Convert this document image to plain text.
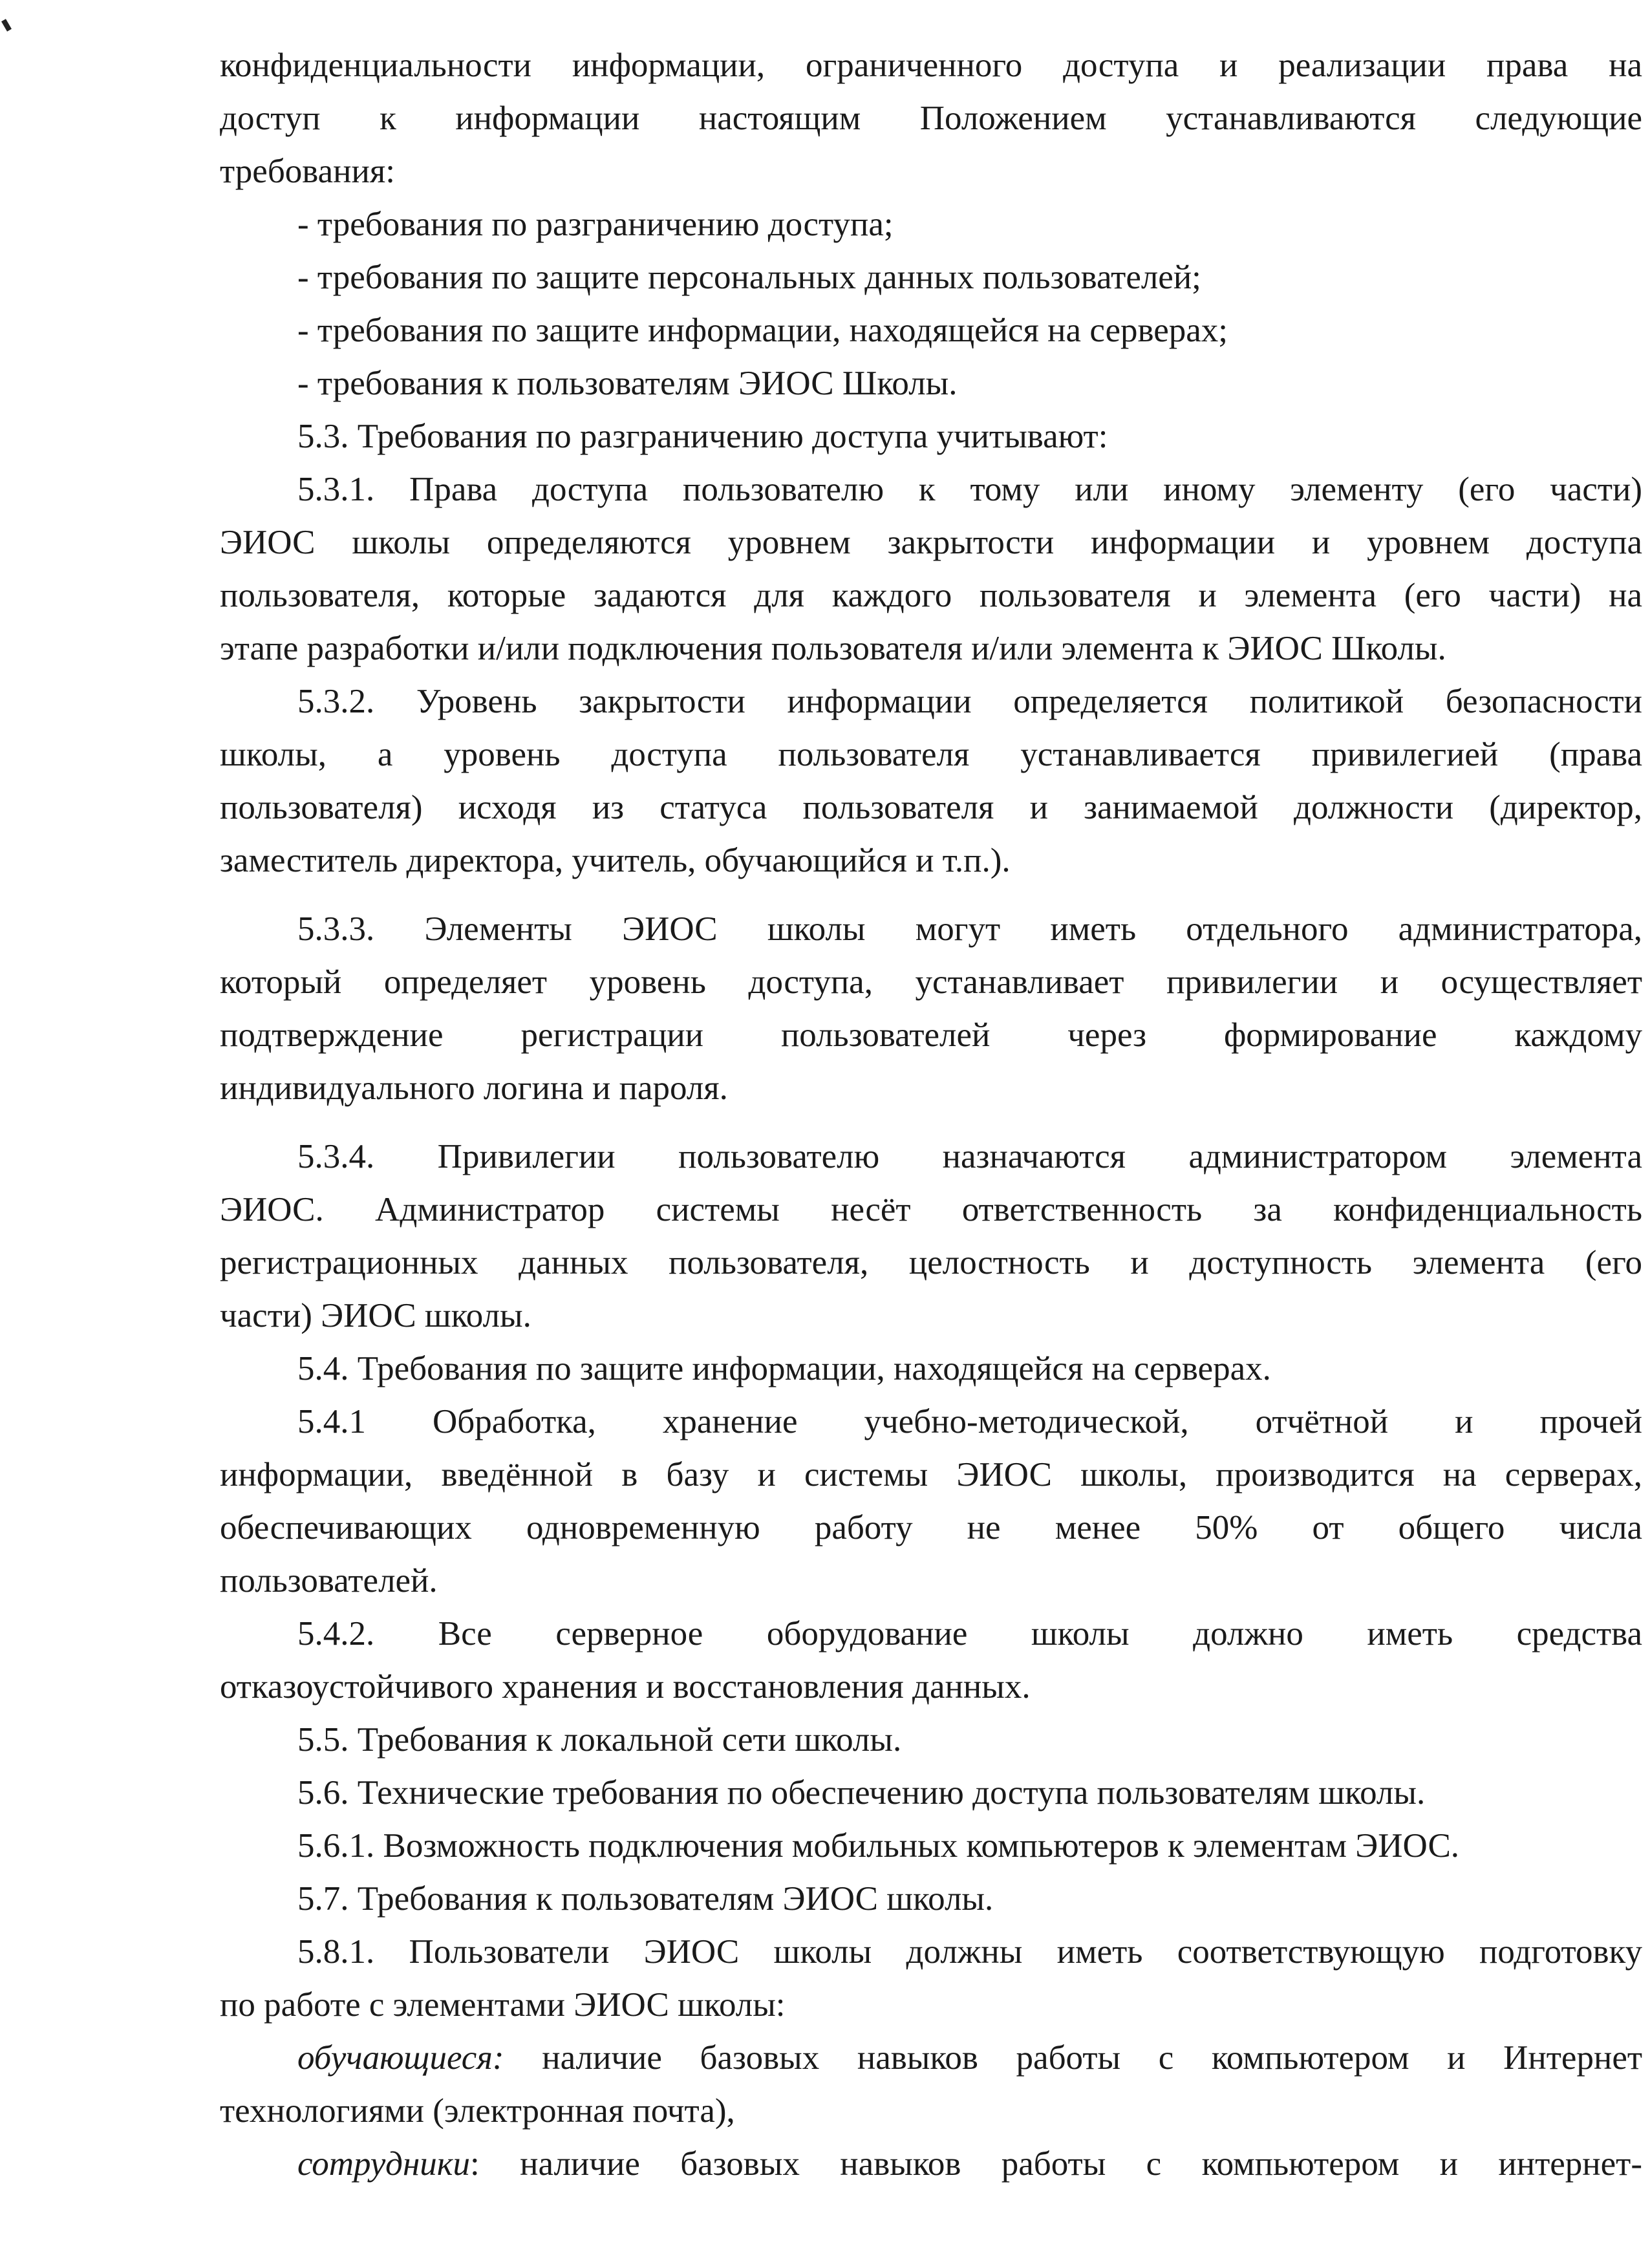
конфиденциальности информации, ограниченного доступа и реализации права на
доступ к информации настоящим Положением устанавливаются следующие
требования:
- требования по разграничению доступа;
- требования по защите персональных данных пользователей;
- требования по защите информации, находящейся на серверах;
- требования к пользователям ЭИОС Школы.
5.3. Требования по разграничению доступа учитывают:
5.3.1. Права доступа пользователю к тому или иному элементу (его части)
ЭИОС школы определяются уровнем закрытости информации и уровнем доступа
пользователя, которые задаются для каждого пользователя и элемента (его части) на
этапе разработки и/или подключения пользователя и/или элемента к ЭИОС Школы.
5.3.2. Уровень закрытости информации определяется политикой безопасности
школы, а уровень доступа пользователя устанавливается привилегией (права
пользователя) исходя из статуса пользователя и занимаемой должности (директор,
заместитель директора, учитель, обучающийся и т.п.).
5.3.3. Элементы ЭИОС школы могут иметь отдельного администратора,
который определяет уровень доступа, устанавливает привилегии и осуществляет
подтверждение регистрации пользователей через формирование каждому
индивидуального логина и пароля.
5.3.4. Привилегии пользователю назначаются администратором элемента
ЭИОС. Администратор системы несёт ответственность за конфиденциальность
регистрационных данных пользователя, целостность и доступность элемента (его
части) ЭИОС школы.
5.4. Требования по защите информации, находящейся на серверах.
5.4.1 Обработка, хранение учебно-методической, отчётной и прочей
информации, введённой в базу и системы ЭИОС школы, производится на серверах,
обеспечивающих одновременную работу не менее 50% от общего числа
пользователей.
5.4.2. Все серверное оборудование школы должно иметь средства
отказоустойчивого хранения и восстановления данных.
5.5. Требования к локальной сети школы.
5.6. Технические требования по обеспечению доступа пользователям школы.
5.6.1. Возможность подключения мобильных компьютеров к элементам ЭИОС.
5.7. Требования к пользователям ЭИОС школы.
5.8.1. Пользователи ЭИОС школы должны иметь соответствующую подготовку
по работе с элементами ЭИОС школы:
обучающиеся: наличие базовых навыков работы с компьютером и Интернет
технологиями (электронная почта),
сотрудники: наличие базовых навыков работы с компьютером и интернет-
